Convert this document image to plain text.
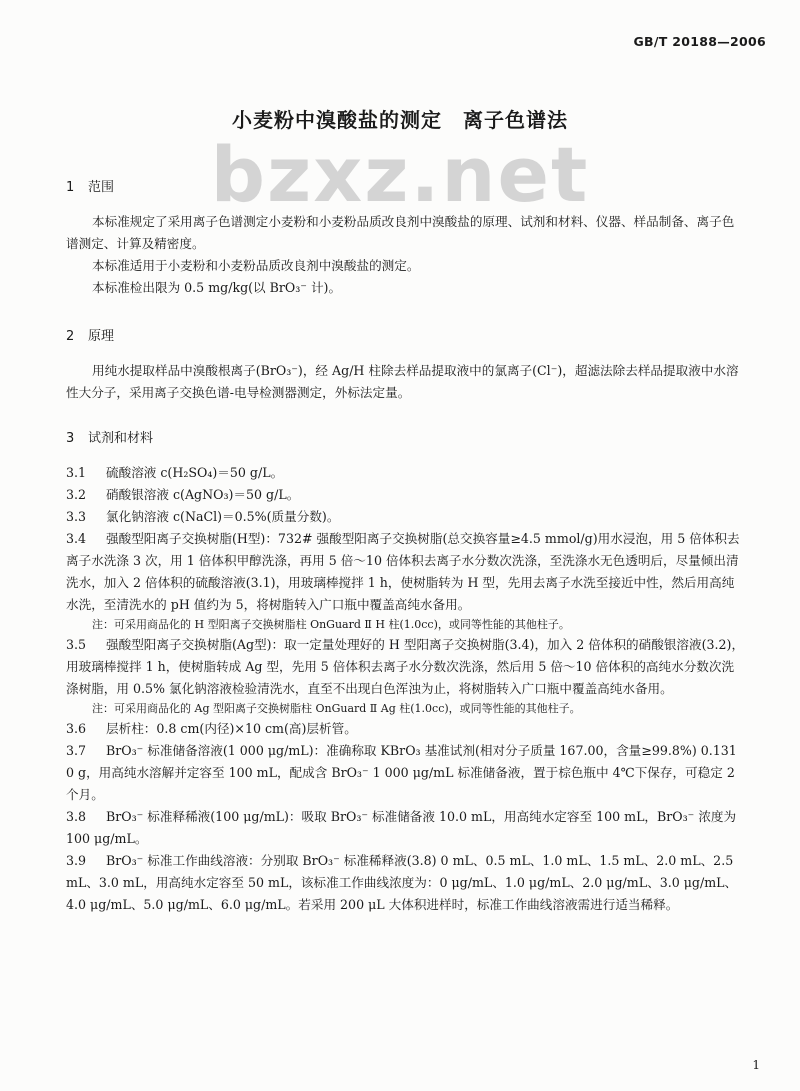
GB/T 20188—2006
小麦粉中溴酸盐的测定　离子色谱法
bzxz.net

1 范围

本标准规定了采用离子色谱测定小麦粉和小麦粉品质改良剂中溴酸盐的原理、试剂和材料、仪器、样品制备、离子色谱测定、计算及精密度。

本标准适用于小麦粉和小麦粉品质改良剂中溴酸盐的测定。

本标准检出限为 0.5 mg/kg(以 BrO₃⁻ 计)。

2 原理

用纯水提取样品中溴酸根离子(BrO₃⁻)，经 Ag/H 柱除去样品提取液中的氯离子(Cl⁻)，超滤法除去样品提取液中水溶性大分子，采用离子交换色谱-电导检测器测定，外标法定量。

3 试剂和材料

3.1 硫酸溶液 c(H₂SO₄)＝50 g/L。

3.2 硝酸银溶液 c(AgNO₃)＝50 g/L。

3.3 氯化钠溶液 c(NaCl)＝0.5%(质量分数)。

3.4 强酸型阳离子交换树脂(H型)：732# 强酸型阳离子交换树脂(总交换容量≥4.5 mmol/g)用水浸泡，用 5 倍体积去离子水洗涤 3 次，用 1 倍体积甲醇洗涤，再用 5 倍～10 倍体积去离子水分数次洗涤，至洗涤水无色透明后，尽量倾出清洗水，加入 2 倍体积的硫酸溶液(3.1)，用玻璃棒搅拌 1 h，使树脂转为 H 型，先用去离子水洗至接近中性，然后用高纯水洗，至清洗水的 pH 值约为 5，将树脂转入广口瓶中覆盖高纯水备用。

注：可采用商品化的 H 型阳离子交换树脂柱 OnGuard Ⅱ H 柱(1.0cc)，或同等性能的其他柱子。

3.5 强酸型阳离子交换树脂(Ag型)：取一定量处理好的 H 型阳离子交换树脂(3.4)，加入 2 倍体积的硝酸银溶液(3.2)，用玻璃棒搅拌 1 h，使树脂转成 Ag 型，先用 5 倍体积去离子水分数次洗涤，然后用 5 倍～10 倍体积的高纯水分数次洗涤树脂，用 0.5% 氯化钠溶液检验清洗水，直至不出现白色浑浊为止，将树脂转入广口瓶中覆盖高纯水备用。

注：可采用商品化的 Ag 型阳离子交换树脂柱 OnGuard Ⅱ Ag 柱(1.0cc)，或同等性能的其他柱子。

3.6 层析柱：0.8 cm(内径)×10 cm(高)层析管。

3.7 BrO₃⁻ 标准储备溶液(1 000 μg/mL)：准确称取 KBrO₃ 基准试剂(相对分子质量 167.00，含量≥99.8%) 0.131 0 g，用高纯水溶解并定容至 100 mL，配成含 BrO₃⁻ 1 000 μg/mL 标准储备液，置于棕色瓶中 4℃下保存，可稳定 2 个月。

3.8 BrO₃⁻ 标准释稀液(100 μg/mL)：吸取 BrO₃⁻ 标准储备液 10.0 mL，用高纯水定容至 100 mL，BrO₃⁻ 浓度为 100 μg/mL。

3.9 BrO₃⁻ 标准工作曲线溶液：分别取 BrO₃⁻ 标准稀释液(3.8) 0 mL、0.5 mL、1.0 mL、1.5 mL、2.0 mL、2.5 mL、3.0 mL，用高纯水定容至 50 mL，该标准工作曲线浓度为：0 μg/mL、1.0 μg/mL、2.0 μg/mL、3.0 μg/mL、4.0 μg/mL、5.0 μg/mL、6.0 μg/mL。若采用 200 μL 大体积进样时，标准工作曲线溶液需进行适当稀释。

1
